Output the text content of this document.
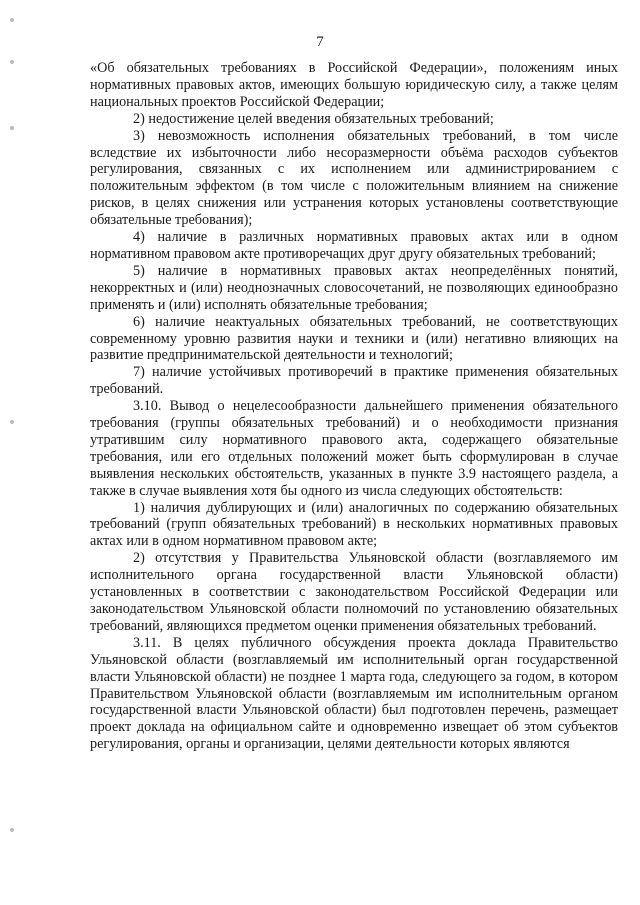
7

«Об обязательных требованиях в Российской Федерации», положениям иных нормативных правовых актов, имеющих большую юридическую силу, а также целям национальных проектов Российской Федерации;

2) недостижение целей введения обязательных требований;

3) невозможность исполнения обязательных требований, в том числе вследствие их избыточности либо несоразмерности объёма расходов субъектов регулирования, связанных с их исполнением или администрированием с положительным эффектом (в том числе с положительным влиянием на снижение рисков, в целях снижения или устранения которых установлены соответствующие обязательные требования);

4) наличие в различных нормативных правовых актах или в одном нормативном правовом акте противоречащих друг другу обязательных требований;

5) наличие в нормативных правовых актах неопределённых понятий, некорректных и (или) неоднозначных словосочетаний, не позволяющих единообразно применять и (или) исполнять обязательные требования;

6) наличие неактуальных обязательных требований, не соответствующих современному уровню развития науки и техники и (или) негативно влияющих на развитие предпринимательской деятельности и технологий;

7) наличие устойчивых противоречий в практике применения обязательных требований.

3.10. Вывод о нецелесообразности дальнейшего применения обязательного требования (группы обязательных требований) и о необходимости признания утратившим силу нормативного правового акта, содержащего обязательные требования, или его отдельных положений может быть сформулирован в случае выявления нескольких обстоятельств, указанных в пункте 3.9 настоящего раздела, а также в случае выявления хотя бы одного из числа следующих обстоятельств:

1) наличия дублирующих и (или) аналогичных по содержанию обязательных требований (групп обязательных требований) в нескольких нормативных правовых актах или в одном нормативном правовом акте;

2) отсутствия у Правительства Ульяновской области (возглавляемого им исполнительного органа государственной власти Ульяновской области) установленных в соответствии с законодательством Российской Федерации или законодательством Ульяновской области полномочий по установлению обязательных требований, являющихся предметом оценки применения обязательных требований.

3.11. В целях публичного обсуждения проекта доклада Правительство Ульяновской области (возглавляемый им исполнительный орган государственной власти Ульяновской области) не позднее 1 марта года, следующего за годом, в котором Правительством Ульяновской области (возглавляемым им исполнительным органом государственной власти Ульяновской области) был подготовлен перечень, размещает проект доклада на официальном сайте и одновременно извещает об этом субъектов регулирования, органы и организации, целями деятельности которых являются
